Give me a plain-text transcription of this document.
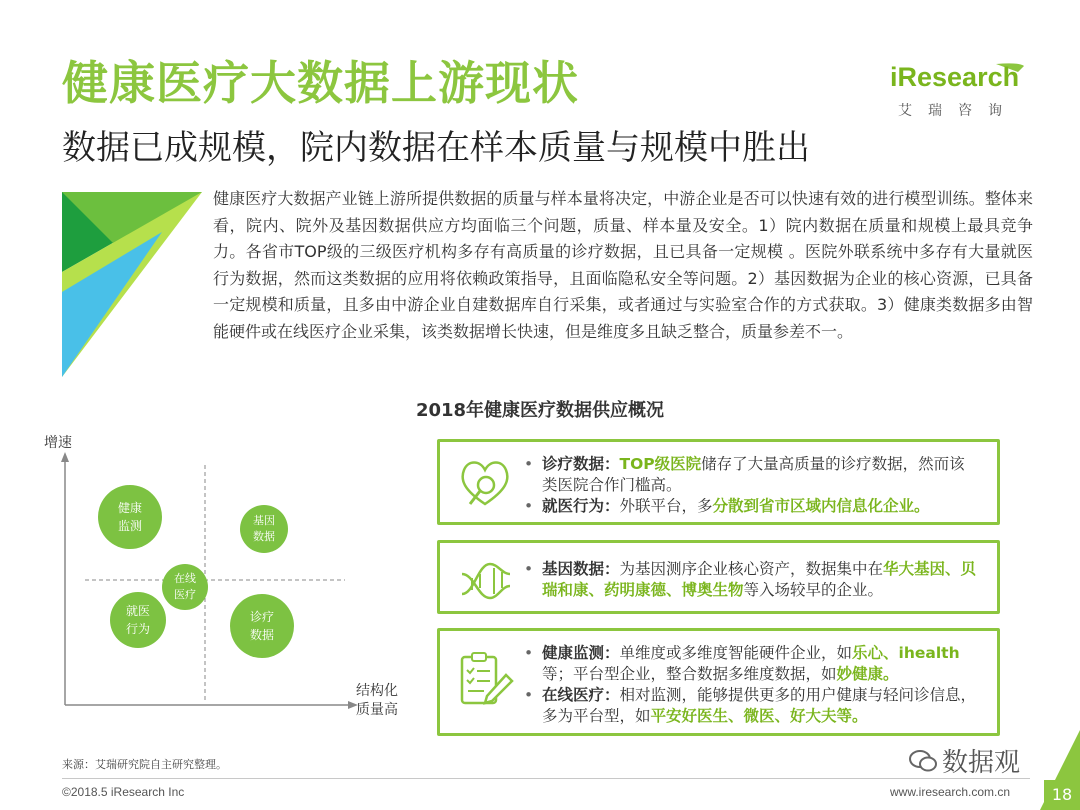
健康医疗大数据上游现状
数据已成规模，院内数据在样本质量与规模中胜出
iResearch
艾瑞咨询
健康医疗大数据产业链上游所提供数据的质量与样本量将决定，中游企业是否可以快速有效的进行模型训练。整体来看，院内、院外及基因数据供应方均面临三个问题，质量、样本量及安全。1）院内数据在质量和规模上最具竞争力。各省市TOP级的三级医疗机构多存有高质量的诊疗数据，且已具备一定规模 。医院外联系统中多存有大量就医行为数据，然而这类数据的应用将依赖政策指导，且面临隐私安全等问题。2）基因数据为企业的核心资源，已具备一定规模和质量，且多由中游企业自建数据库自行采集，或者通过与实验室合作的方式获取。3）健康类数据多由智能硬件或在线医疗企业采集，该类数据增长快速，但是维度多且缺乏整合，质量参差不一。
2018年健康医疗数据供应概况
增速
结构化
质量高
健康
监测	基因
数据
在线
医疗
就医
行为
诊疗
数据
• 诊疗数据：TOP级医院储存了大量高质量的诊疗数据，然而该类医院合作门槛高。
• 就医行为：外联平台，多分散到省市区域内信息化企业。
• 基因数据：为基因测序企业核心资产，数据集中在华大基因、贝瑞和康、药明康德、博奥生物等入场较早的企业。
• 健康监测：单维度或多维度智能硬件企业，如乐心、ihealth等；平台型企业，整合数据多维度数据，如妙健康。
• 在线医疗：相对监测，能够提供更多的用户健康与轻问诊信息，多为平台型，如平安好医生、微医、好大夫等。
来源：艾瑞研究院自主研究整理。
©2018.5 iResearch Inc	www.iresearch.com.cn	18
数据观
